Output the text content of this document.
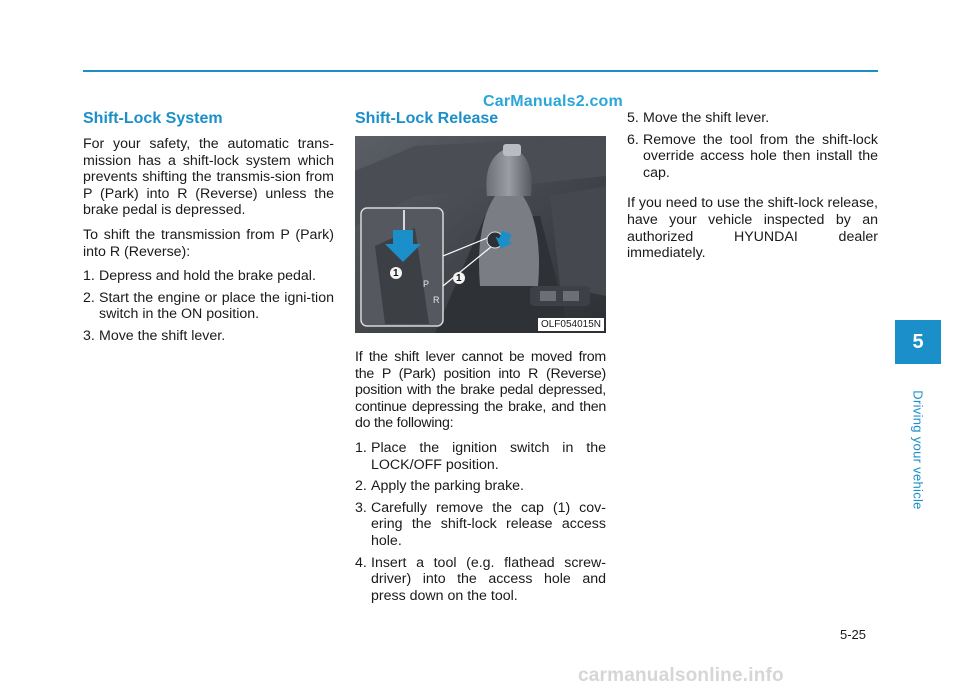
CarManuals2.com
Shift-Lock System

For your safety, the automatic trans-mission has a shift-lock system which prevents shifting the transmis-sion from P (Park) into R (Reverse) unless the brake pedal is depressed.

To shift the transmission from P (Park) into R (Reverse):

1. Depress and hold the brake pedal.
2. Start the engine or place the igni-tion switch in the ON position.
3. Move the shift lever.
Shift-Lock Release
1	1
P
R
OLF054015N

If the shift lever cannot be moved from the P (Park) position into R (Reverse) position with the brake pedal depressed, continue depressing the brake, and then do the following:

1. Place the ignition switch in the LOCK/OFF position.
2. Apply the parking brake.
3. Carefully remove the cap (1) cov-ering the shift-lock release access hole.
4. Insert a tool (e.g. flathead screw-driver) into the access hole and press down on the tool.
5. Move the shift lever.
6. Remove the tool from the shift-lock override access hole then install the cap.

If you need to use the shift-lock release, have your vehicle inspected by an authorized HYUNDAI dealer immediately.

5
Driving your vehicle
5-25
carmanualsonline.info
